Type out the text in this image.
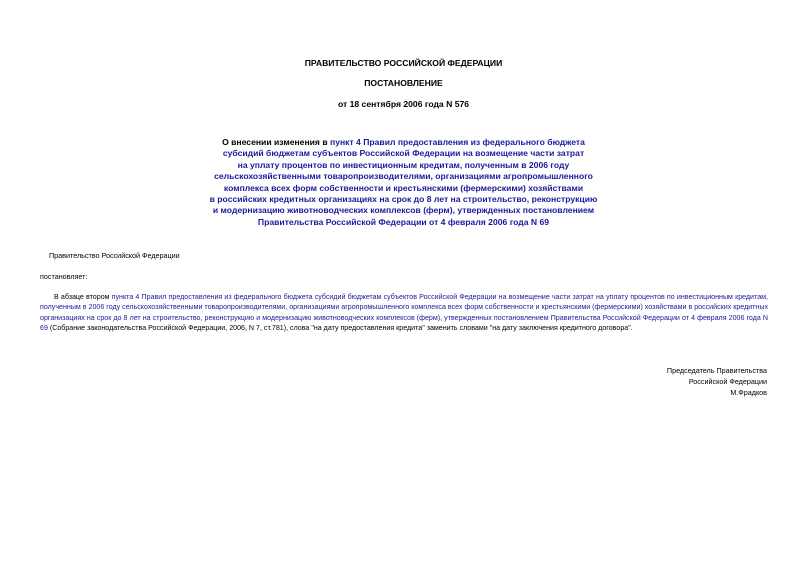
ПРАВИТЕЛЬСТВО РОССИЙСКОЙ ФЕДЕРАЦИИ
ПОСТАНОВЛЕНИЕ
от 18 сентября 2006 года N 576
О внесении изменения в пункт 4 Правил предоставления из федерального бюджета
субсидий бюджетам субъектов Российской Федерации на возмещение части затрат
на уплату процентов по инвестиционным кредитам, полученным в 2006 году
сельскохозяйственными товаропроизводителями, организациями агропромышленного
комплекса всех форм собственности и крестьянскими (фермерскими) хозяйствами
в российских кредитных организациях на срок до 8 лет на строительство, реконструкцию
и модернизацию животноводческих комплексов (ферм), утвержденных постановлением
Правительства Российской Федерации от 4 февраля 2006 года N 69
Правительство Российской Федерации
постановляет:
В абзаце втором пункта 4 Правил предоставления из федерального бюджета субсидий бюджетам субъектов Российской Федерации на возмещение части затрат на уплату процентов по инвестиционным кредитам, полученным в 2006 году сельскохозяйственными товаропроизводителями, организациями агропромышленного комплекса всех форм собственности и крестьянскими (фермерскими) хозяйствами в российских кредитных организациях на срок до 8 лет на строительство, реконструкцию и модернизацию животноводческих комплексов (ферм), утвержденных постановлением Правительства Российской Федерации от 4 февраля 2006 года N 69 (Собрание законодательства Российской Федерации, 2006, N 7, ст.781), слова "на дату предоставления кредита" заменить словами "на дату заключения кредитного договора".
Председатель Правительства
Российской Федерации
М.Фрадков
